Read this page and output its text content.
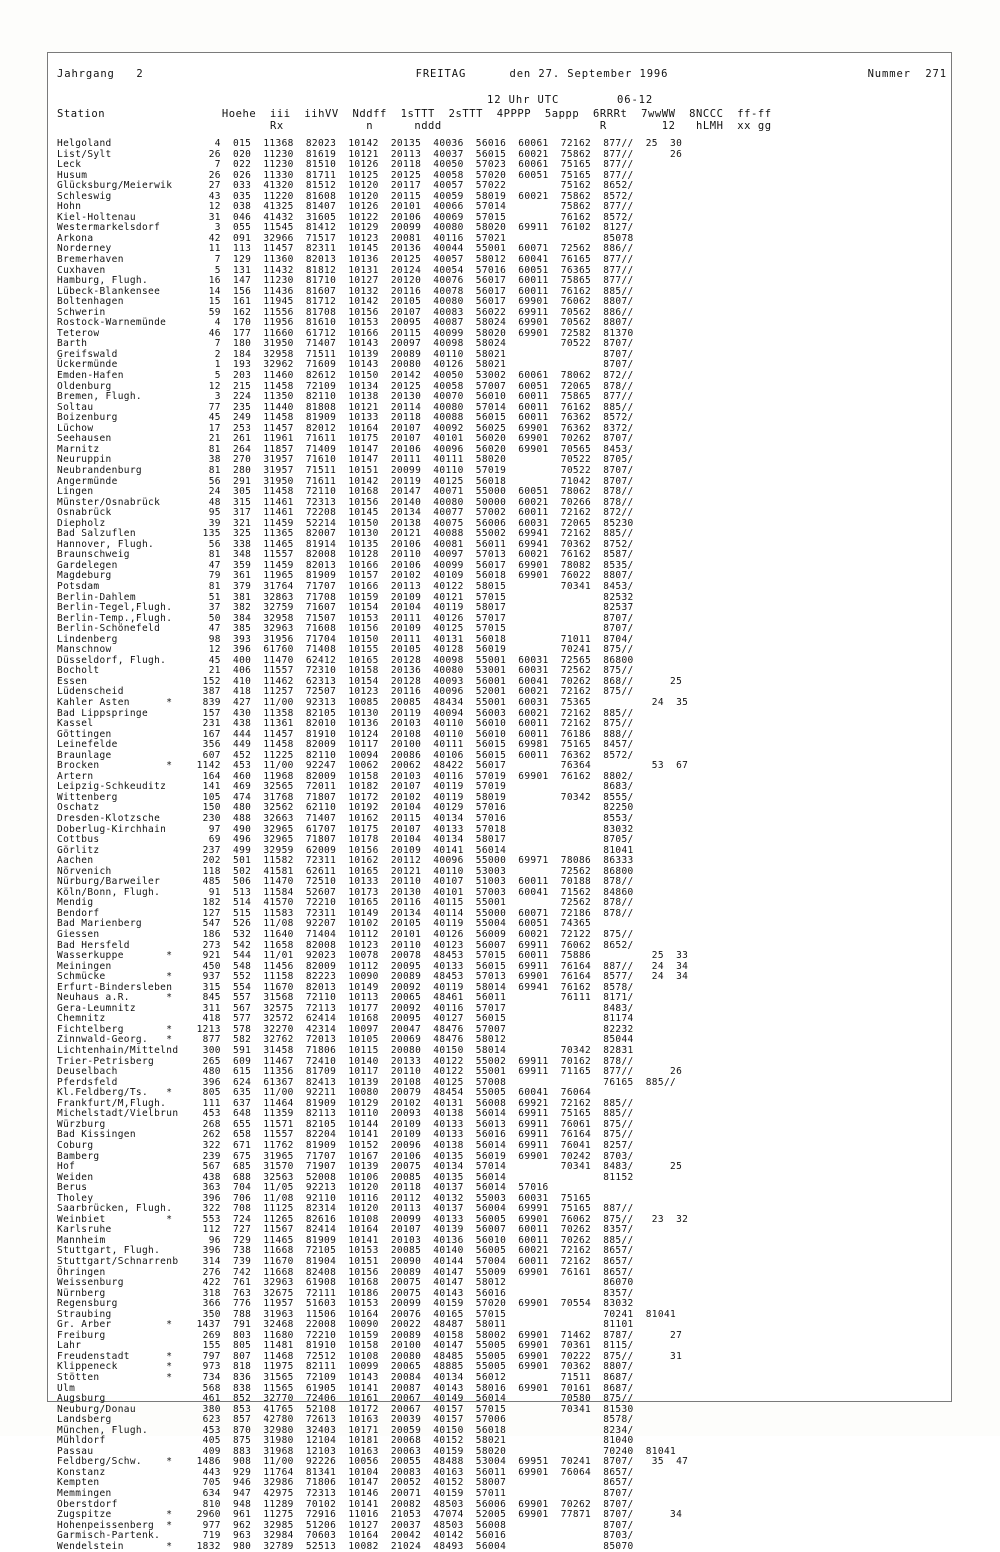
Jahrgang   2	FREITAG      den 27. September 1996	Nummer  271
12 Uhr UTC	06-12
Station                 Hoehe  iii  iihVV  Nddff  1sTTT  2sTTT  4PPPP  5appp  6RRRt  7wwWW  8NCCC  ff-ff
Rx            n      nddd                       R        12   hLMH  xx gg
Helgoland                 4  015  11368  82023  10142  20135  40036  56016  60061  72162  877//  25  30
List/Sylt                26  020  11230  81619  10121  20113  40037  56015  60021  75862  877//      26
Leck                      7  022  11230  81510  10126  20118  40050  57023  60061  75165  877//
Husum                    26  026  11330  81711  10125  20125  40058  57020  60051  75165  877//
Glücksburg/Meierwik      27  033  41320  81512  10120  20117  40057  57022         75162  8652/
Schleswig                43  035  11220  81608  10120  20115  40059  58019  60021  75862  8572/
Hohn                     12  038  41325  81407  10126  20101  40066  57014         75862  877//
Kiel-Holtenau            31  046  41432  31605  10122  20106  40069  57015         76162  8572/
Westermarkelsdorf         3  055  11545  81412  10129  20099  40080  58020  69911  76102  8127/
Arkona                   42  091  32966  71517  10123  20081  40116  57021                85078
Norderney                11  113  11457  82311  10145  20136  40044  55001  60071  72562  886//
Bremerhaven               7  129  11360  82013  10136  20125  40057  58012  60041  76165  877//
Cuxhaven                  5  131  11432  81812  10131  20124  40054  57016  60051  76365  877//
Hamburg, Flugh.          16  147  11230  81710  10127  20120  40076  56017  60011  75865  877//
Lübeck-Blankensee        14  156  11436  81607  10132  20116  40078  56017  60011  76162  885//
Boltenhagen              15  161  11945  81712  10142  20105  40080  56017  69901  76062  8807/
Schwerin                 59  162  11556  81708  10156  20107  40083  56022  69911  70562  886//
Rostock-Warnemünde        4  170  11956  81610  10153  20095  40087  58024  69901  70562  8807/
Teterow                  46  177  11660  61712  10166  20115  40099  58020  69901  72582  81370
Barth                     7  180  31950  71407  10143  20097  40098  58024         70522  8707/
Greifswald                2  184  32958  71511  10139  20089  40110  58021                8707/
Ückermünde                1  193  32962  71609  10143  20080  40126  58021                8707/
Emden-Hafen               5  203  11460  82612  10150  20142  40050  53002  60061  78062  872//
Oldenburg                12  215  11458  72109  10134  20125  40058  57007  60051  72065  878//
Bremen, Flugh.            3  224  11350  82110  10138  20130  40070  56010  60011  75865  877//
Soltau                   77  235  11440  81808  10121  20114  40080  57014  60011  76162  885//
Boizenburg               45  249  11458  81909  10133  20118  40088  56015  60011  76362  8572/
Lüchow                   17  253  11457  82012  10164  20107  40092  56025  69901  76362  8372/
Seehausen                21  261  11961  71611  10175  20107  40101  56020  69901  70262  8707/
Marnitz                  81  264  11857  71409  10147  20106  40096  56020  69901  70565  8453/
Neuruppin                38  270  31957  71610  10147  20111  40111  58020         70522  8705/
Neubrandenburg           81  280  31957  71511  10151  20099  40110  57019         70522  8707/
Angermünde               56  291  31950  71611  10142  20119  40125  56018         71042  8707/
Lingen                   24  305  11458  72110  10168  20147  40071  55000  60051  78062  878//
Münster/Osnabrück        48  315  11461  72313  10156  20140  40080  50000  60021  70266  878//
Osnabrück                95  317  11461  72208  10145  20134  40077  57002  60011  72162  872//
Diepholz                 39  321  11459  52214  10150  20138  40075  56006  60031  72065  85230
Bad Salzuflen           135  325  11365  82007  10130  20121  40088  55002  69941  72162  885//
Hannover, Flugh.         56  338  11465  81914  10135  20106  40081  56011  69941  70362  8752/
Braunschweig             81  348  11557  82008  10128  20110  40097  57013  60021  76162  8587/
Gardelegen               47  359  11459  82013  10166  20106  40099  56017  69901  78082  8535/
Magdeburg                79  361  11965  81909  10157  20102  40109  56018  69901  76022  8807/
Potsdam                  81  379  31764  71707  10166  20113  40122  58015         70341  8453/
Berlin-Dahlem            51  381  32863  71708  10159  20109  40121  57015                82532
Berlin-Tegel,Flugh.      37  382  32759  71607  10154  20104  40119  58017                82537
Berlin-Temp.,Flugh.      50  384  32958  71507  10153  20111  40126  57017                8707/
Berlin-Schönefeld        47  385  32963  71608  10156  20109  40125  57015                8707/
Lindenberg               98  393  31956  71704  10150  20111  40131  56018         71011  8704/
Manschnow                12  396  61760  71408  10155  20105  40128  56019         70241  875//
Düsseldorf, Flugh.       45  400  11470  62412  10165  20128  40098  55001  60031  72565  86800
Bocholt                  21  406  11557  72310  10158  20136  40080  53001  60031  72562  875//
Essen                   152  410  11462  62313  10154  20128  40093  56001  60041  70262  868//      25
Lüdenscheid             387  418  11257  72507  10123  20116  40096  52001  60021  72162  875//
Kahler Asten      *     839  427  11/00  92313  10085  20085  48434  55001  60031  75365          24  35
Bad Lippspringe         157  430  11358  82105  10130  20119  40094  56003  60021  72162  885//
Kassel                  231  438  11361  82010  10136  20103  40110  56010  60011  72162  875//
Göttingen               167  444  11457  81910  10124  20108  40110  56010  60011  76186  888//
Leinefelde              356  449  11458  82009  10117  20100  40111  56015  69981  75165  8457/
Braunlage               607  452  11225  82110  10094  20086  40106  56015  60011  76362  8572/
Brocken           *    1142  453  11/00  92247  10062  20062  48422  56017         76364          53  67
Artern                  164  460  11968  82009  10158  20103  40116  57019  69901  76162  8802/
Leipzig-Schkeuditz      141  469  32565  72011  10182  20107  40119  57019                8683/
Wittenberg              105  474  31768  71807  10172  20102  40119  58019         70342  8555/
Oschatz                 150  480  32562  62110  10192  20104  40129  57016                82250
Dresden-Klotzsche       230  488  32663  71407  10162  20115  40134  57016                8553/
Doberlug-Kirchhain       97  490  32965  61707  10175  20107  40133  57018                83032
Cottbus                  69  496  32965  71807  10178  20104  40134  58017                8705/
Görlitz                 237  499  32959  62009  10156  20109  40141  56014                81041
Aachen                  202  501  11582  72311  10162  20112  40096  55000  69971  78086  86333
Nörvenich               118  502  41581  62611  10165  20121  40110  53003         72562  86800
Nürburg/Barweiler       485  506  11470  72510  10133  20110  40107  51003  60011  70188  878//
Köln/Bonn, Flugh.        91  513  11584  52607  10173  20130  40101  57003  60041  71562  84860
Mendig                  182  514  41570  72210  10165  20116  40115  55001         72562  878//
Bendorf                 127  515  11583  72311  10149  20134  40114  55000  60071  72186  878//
Bad Marienberg          547  526  11/08  92207  10102  20105  40119  55004  60051  74365
Giessen                 186  532  11640  71404  10112  20101  40126  56009  60021  72122  875//
Bad Hersfeld            273  542  11658  82008  10123  20110  40123  56007  69911  76062  8652/
Wasserkuppe       *     921  544  11/01  92023  10078  20078  48453  57015  60011  75886          25  33
Meiningen               450  548  11456  82009  10112  20095  40133  56015  69911  76164  887//   24  34
Schmücke          *     937  552  11158  82223  10090  20089  48453  57013  69901  76164  8577/   24  34
Erfurt-Bindersleben     315  554  11670  82013  10149  20092  40119  58014  69941  76162  8578/
Neuhaus a.R.      *     845  557  31568  72110  10113  20065  48461  56011         76111  8171/
Gera-Leumnitz           311  567  32575  72113  10177  20092  40116  57017                8483/
Chemnitz                418  577  32572  62414  10168  20095  40127  56015                81174
Fichtelberg       *    1213  578  32270  42314  10097  20047  48476  57007                82232
Zinnwald-Georg.   *     877  582  32762  72013  10105  20069  48476  58012                85044
Lichtenhain/Mittelnd    300  591  31458  71806  10115  20080  40150  58014         70342  82831
Trier-Petrisberg        265  609  11467  72410  10140  20133  40122  55002  69911  70162  878//
Deuselbach              480  615  11356  81709  10117  20110  40122  55001  69911  71165  877//      26
Pferdsfeld              396  624  61367  82413  10139  20108  40125  57008                76165  885//
Kl.Feldberg/Ts.   *     805  635  11/00  92211  10080  20079  48454  55005  60041  76064
Frankfurt/M,Flugh.      111  637  11464  81909  10129  20102  40131  56008  69921  72162  885//
Michelstadt/Vielbrun    453  648  11359  82113  10110  20093  40138  56014  69911  75165  885//
Würzburg                268  655  11571  82105  10144  20109  40133  56013  69911  76061  875//
Bad Kissingen           262  658  11557  82204  10141  20109  40133  56016  69911  76164  875//
Coburg                  322  671  11762  81909  10152  20096  40138  56014  69911  76041  8257/
Bamberg                 239  675  31965  71707  10167  20106  40135  56019  69901  70242  8703/
Hof                     567  685  31570  71907  10139  20075  40134  57014         70341  8483/      25
Weiden                  438  688  32563  52008  10106  20085  40135  56014                81152
Berus                   363  704  11/05  92213  10120  20118  40137  56014  57016
Tholey                  396  706  11/08  92110  10116  20112  40132  55003  60031  75165
Saarbrücken, Flugh.     322  708  11125  82314  10120  20113  40137  56004  69991  75165  887//
Weinbiet          *     553  724  11265  82616  10108  20099  40133  56005  69901  76062  875//   23  32
Karlsruhe               112  727  11567  82414  10164  20107  40139  56007  60011  70262  8357/
Mannheim                 96  729  11465  81909  10141  20103  40136  56010  60011  70262  885//
Stuttgart, Flugh.       396  738  11668  72105  10153  20085  40140  56005  60021  72162  8657/
Stuttgart/Schnarrenb    314  739  11670  81904  10151  20090  40144  57004  60011  72162  8657/
Öhringen                276  742  11668  82408  10156  20089  40147  55009  69901  76161  8657/
Weissenburg             422  761  32963  61908  10168  20075  40147  58012                86070
Nürnberg                318  763  32675  72111  10186  20075  40143  56016                8357/
Regensburg              366  776  11957  51603  10153  20099  40159  57020  69901  70554  83032
Straubing               350  788  31963  11506  10164  20076  40165  57015                70241  81041
Gr. Arber         *    1437  791  32468  22008  10090  20022  48487  58011                81101
Freiburg                269  803  11680  72210  10159  20089  40158  58002  69901  71462  8787/      27
Lahr                    155  805  11481  81910  10158  20100  40147  55005  69901  70361  8115/
Freudenstadt      *     797  807  11468  72512  10108  20080  48485  55005  69901  70222  875//      31
Klippeneck        *     973  818  11975  82111  10099  20065  48885  55005  69901  70362  8807/
Stötten           *     734  836  31565  72109  10143  20084  40134  56012         71511  8687/
Ulm                     568  838  11565  61905  10141  20087  40143  58016  69901  70161  8687/
Augsburg                461  852  32770  72406  10161  20067  40149  56014         70580  875//
Neuburg/Donau           380  853  41765  52108  10172  20067  40157  57015         70341  81530
Landsberg               623  857  42780  72613  10163  20039  40157  57006                8578/
München, Flugh.         453  870  32980  32403  10171  20059  40150  56018                8234/
Mühldorf                405  875  31980  12104  10181  20068  40152  58021                81040
Passau                  409  883  31968  12103  10163  20063  40159  58020                70240  81041
Feldberg/Schw.    *    1486  908  11/00  92226  10056  20055  48488  53004  69951  70241  8707/   35  47
Konstanz                443  929  11764  81341  10104  20083  40163  56011  69901  76064  8657/
Kempten                 705  946  32986  71806  10147  20052  40152  58007                8657/
Memmingen               634  947  42975  72313  10146  20071  40159  57011                8707/
Oberstdorf              810  948  11289  70102  10141  20082  48503  56006  69901  70262  8707/
Zugspitze         *    2960  961  11275  72916  11016  21053  47074  52005  69901  77871  8707/      34
Hohenpeissenberg  *     977  962  32985  51206  10127  20037  48503  56008                8707/
Garmisch-Partenk.       719  963  32984  70603  10164  20042  40142  56016                8703/
Wendelstein       *    1832  980  32789  52513  10082  21024  48493  56004                85070
